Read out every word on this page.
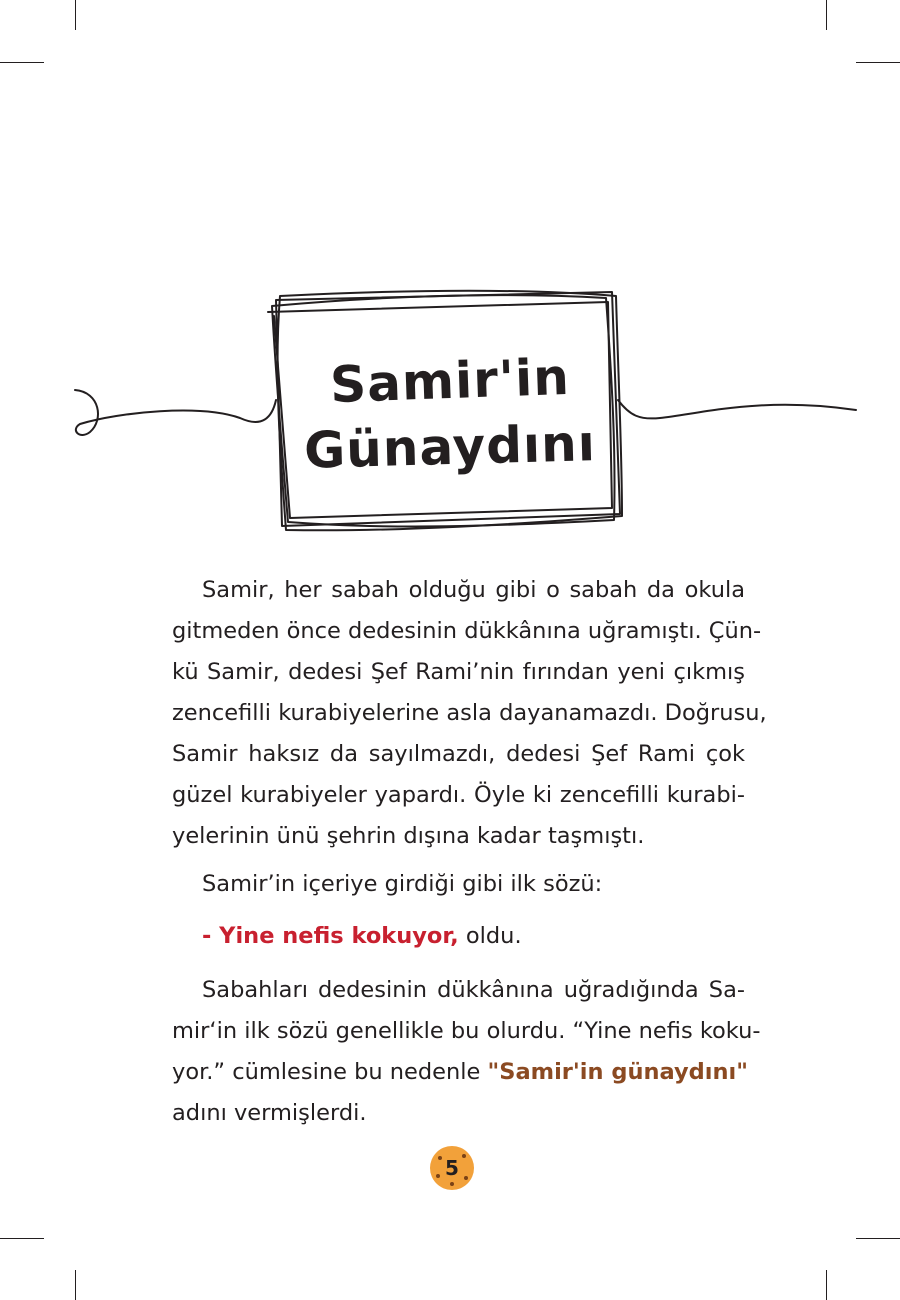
Samir'in
Günaydını
Samir, her sabah olduğu gibi o sabah da okula
gitmeden önce dedesinin dükkânına uğramıştı. Çün-
kü Samir, dedesi Şef Rami’nin fırından yeni çıkmış
zencefilli kurabiyelerine asla dayanamazdı. Doğrusu,
Samir haksız da sayılmazdı, dedesi Şef Rami çok
güzel kurabiyeler yapardı. Öyle ki zencefilli kurabi-
yelerinin ünü şehrin dışına kadar taşmıştı.
Samir’in içeriye girdiği gibi ilk sözü:
- Yine nefis kokuyor, oldu.
Sabahları dedesinin dükkânına uğradığında Sa-
mir‘in ilk sözü genellikle bu olurdu. “Yine nefis koku-
yor.” cümlesine bu nedenle "Samir'in günaydını"
adını vermişlerdi.
5
